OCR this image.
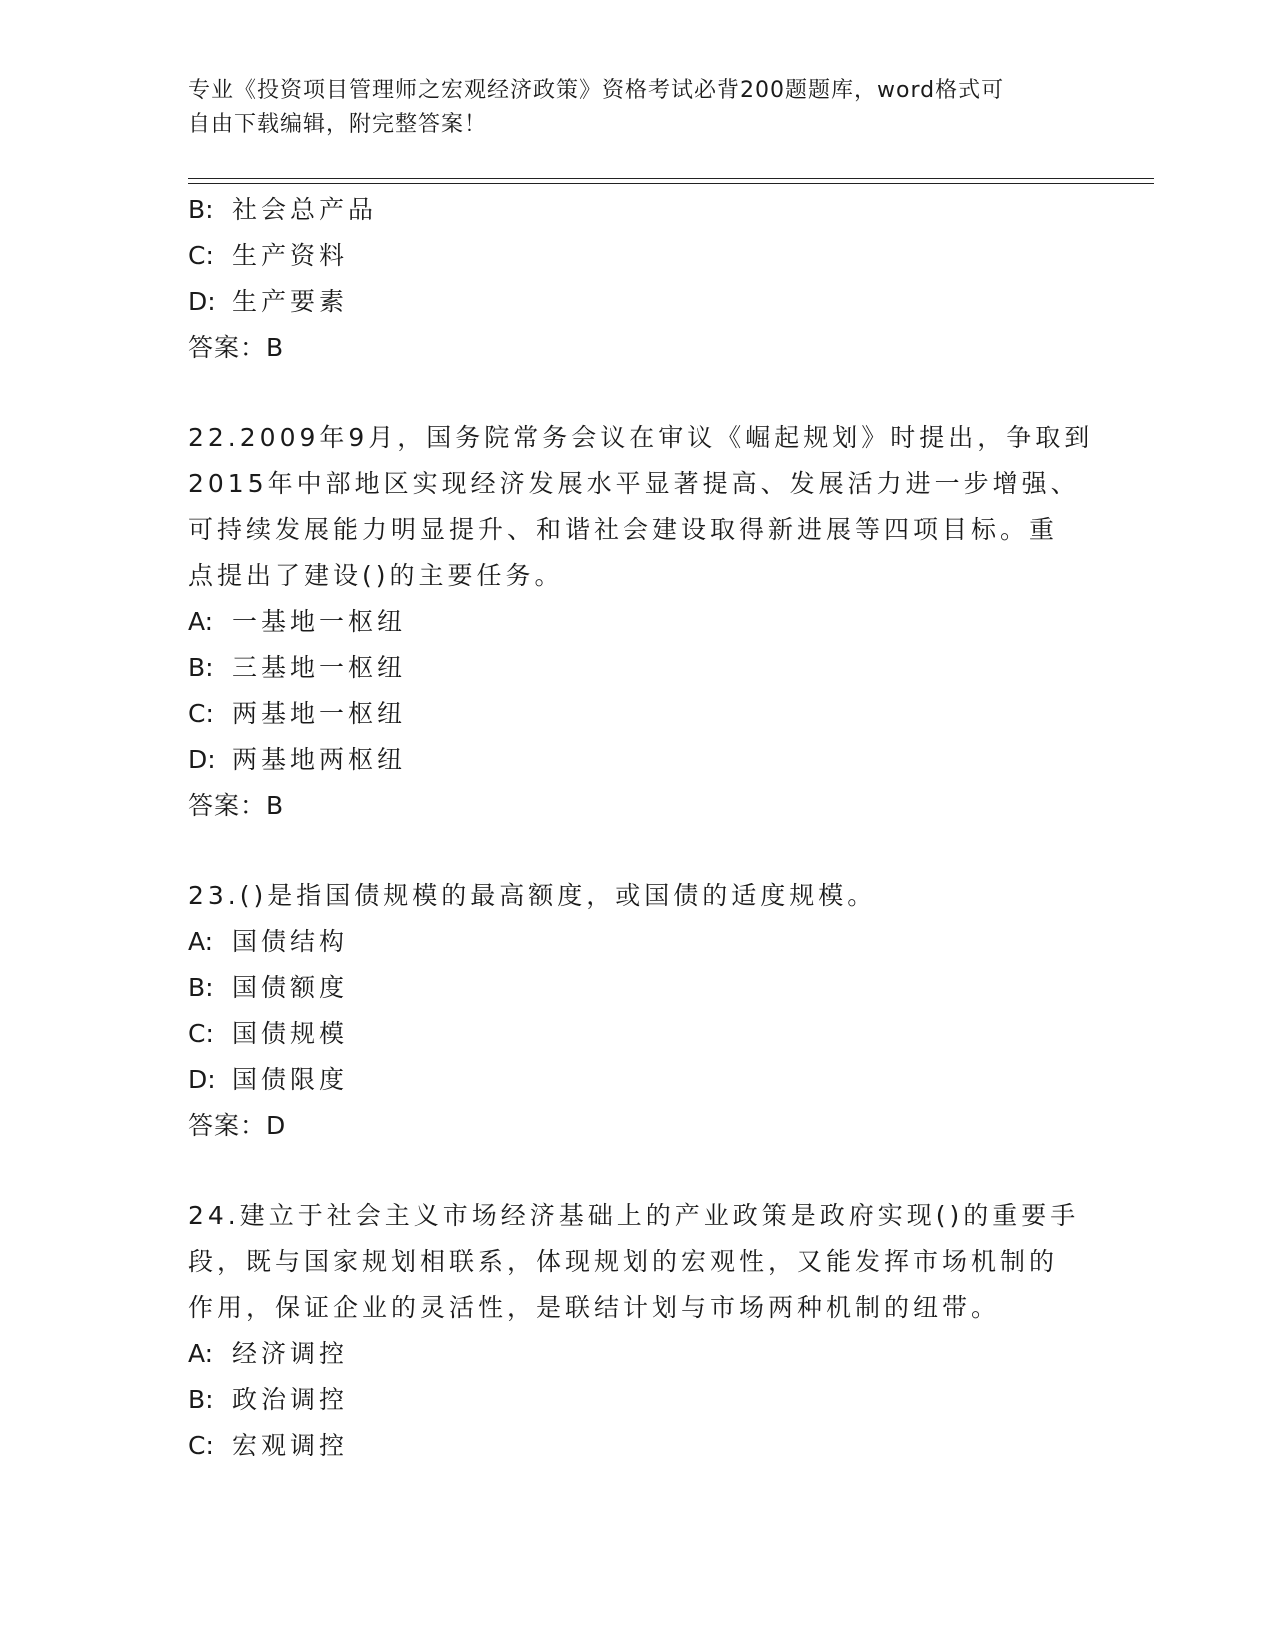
专业《投资项目管理师之宏观经济政策》资格考试必背200题题库，word格式可
自由下载编辑，附完整答案！
B: 社会总产品
C: 生产资料
D: 生产要素
答案：B
22.2009年9月，国务院常务会议在审议《崛起规划》时提出，争取到
2015年中部地区实现经济发展水平显著提高、发展活力进一步增强、
可持续发展能力明显提升、和谐社会建设取得新进展等四项目标。重
点提出了建设()的主要任务。
A: 一基地一枢纽
B: 三基地一枢纽
C: 两基地一枢纽
D: 两基地两枢纽
答案：B
23.()是指国债规模的最高额度，或国债的适度规模。
A: 国债结构
B: 国债额度
C: 国债规模
D: 国债限度
答案：D
24.建立于社会主义市场经济基础上的产业政策是政府实现()的重要手
段，既与国家规划相联系，体现规划的宏观性，又能发挥市场机制的
作用，保证企业的灵活性，是联结计划与市场两种机制的纽带。
A: 经济调控
B: 政治调控
C: 宏观调控
